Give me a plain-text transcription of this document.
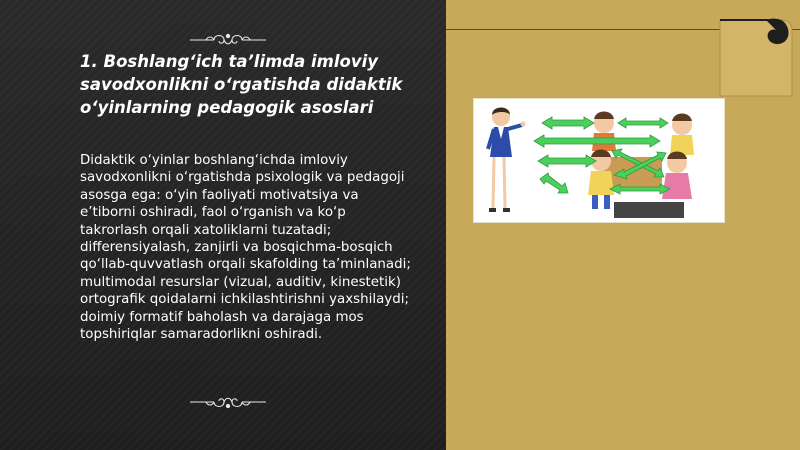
1. Boshlang‘ich ta’limda imloviy savodxonlikni o‘rgatishda didaktik o‘yinlarning pedagogik asoslari

Didaktik o‘yinlar boshlang‘ichda imloviy savodxonlikni o‘rgatishda psixologik va pedagoji asosga ega: o‘yin faoliyati motivatsiya va e’tiborni oshiradi, faol o‘rganish va ko‘p takrorlash orqali xatoliklarni tuzatadi; differensiyalash, zanjirli va bosqichma-bosqich qo‘llab-quvvatlash orqali skafolding ta’minlanadi; multimodal resurslar (vizual, auditiv, kinestetik) ortografik qoidalarni ichkilashtirishni yaxshilaydi; doimiy formatif baholash va darajaga mos topshiriqlar samaradorlikni oshiradi.
